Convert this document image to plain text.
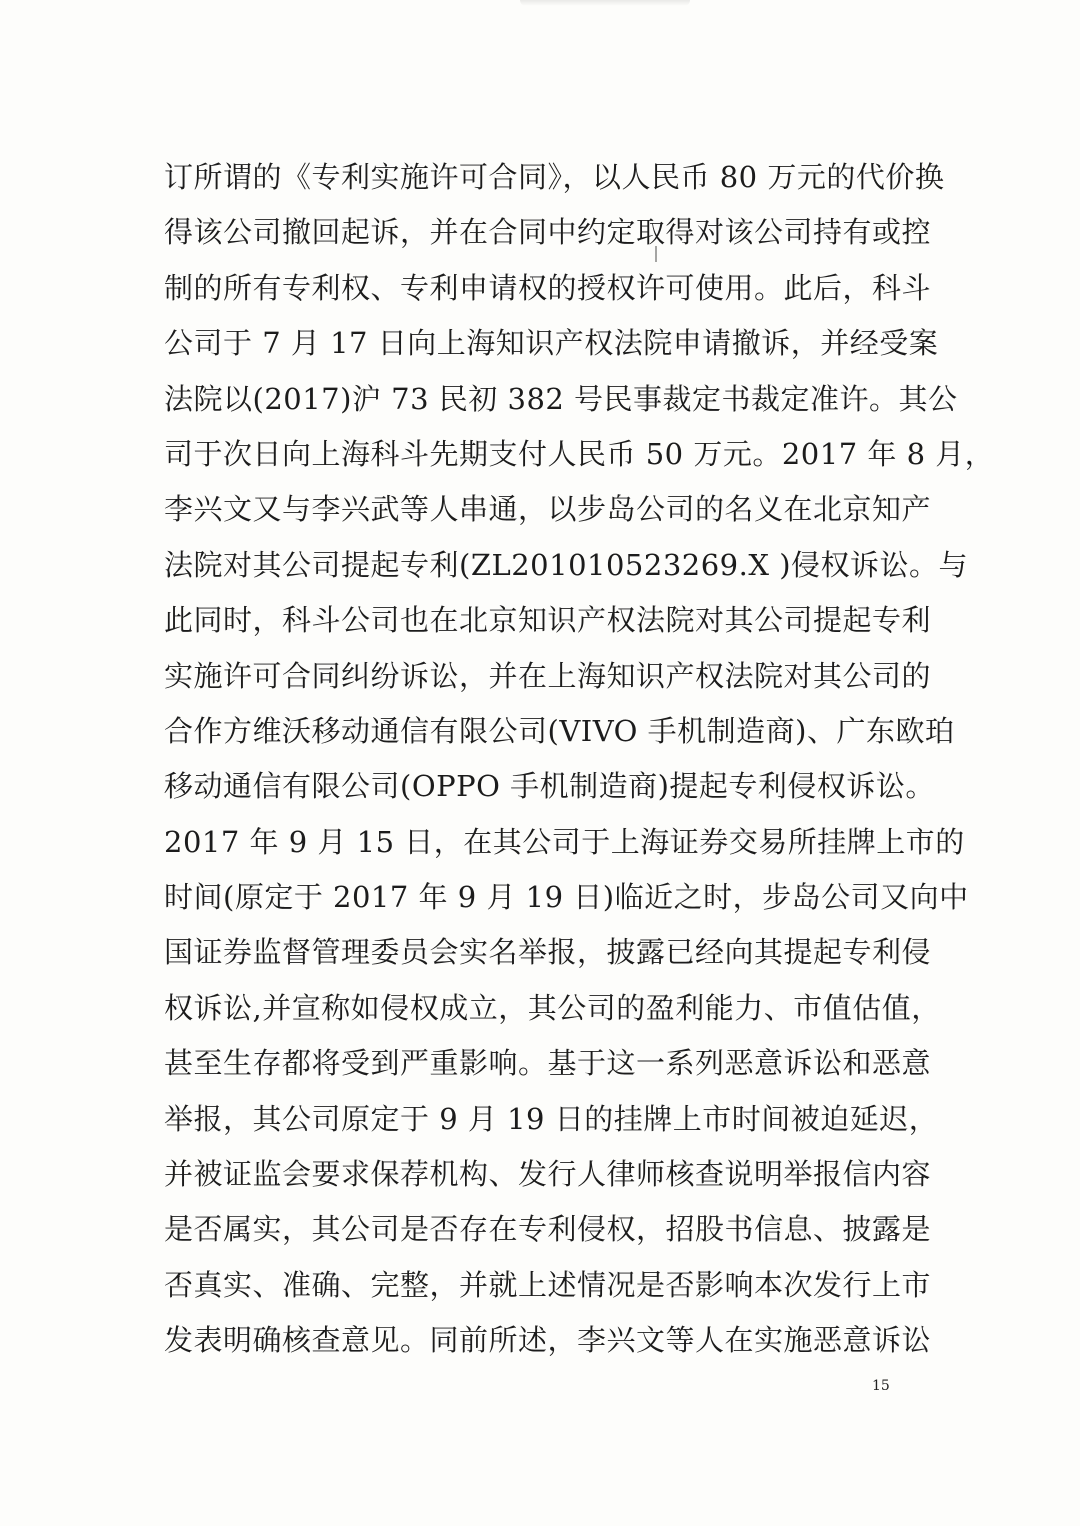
订所谓的《专利实施许可合同》，以人民币 80 万元的代价换
得该公司撤回起诉，并在合同中约定取得对该公司持有或控
制的所有专利权、专利申请权的授权许可使用。此后，科斗
公司于 7 月 17 日向上海知识产权法院申请撤诉，并经受案
法院以(2017)沪 73 民初 382 号民事裁定书裁定准许。其公
司于次日向上海科斗先期支付人民币 50 万元。2017 年 8 月，
李兴文又与李兴武等人串通，以步岛公司的名义在北京知产
法院对其公司提起专利(ZL201010523269.X )侵权诉讼。与
此同时，科斗公司也在北京知识产权法院对其公司提起专利
实施许可合同纠纷诉讼，并在上海知识产权法院对其公司的
合作方维沃移动通信有限公司(VIVO 手机制造商)、广东欧珀
移动通信有限公司(OPPO 手机制造商)提起专利侵权诉讼。
2017 年 9 月 15 日，在其公司于上海证券交易所挂牌上市的
时间(原定于 2017 年 9 月 19 日)临近之时，步岛公司又向中
国证券监督管理委员会实名举报，披露已经向其提起专利侵
权诉讼,并宣称如侵权成立，其公司的盈利能力、市值估值，
甚至生存都将受到严重影响。基于这一系列恶意诉讼和恶意
举报，其公司原定于 9 月 19 日的挂牌上市时间被迫延迟，
并被证监会要求保荐机构、发行人律师核查说明举报信内容
是否属实，其公司是否存在专利侵权，招股书信息、披露是
否真实、准确、完整，并就上述情况是否影响本次发行上市
发表明确核查意见。同前所述，李兴文等人在实施恶意诉讼
15
